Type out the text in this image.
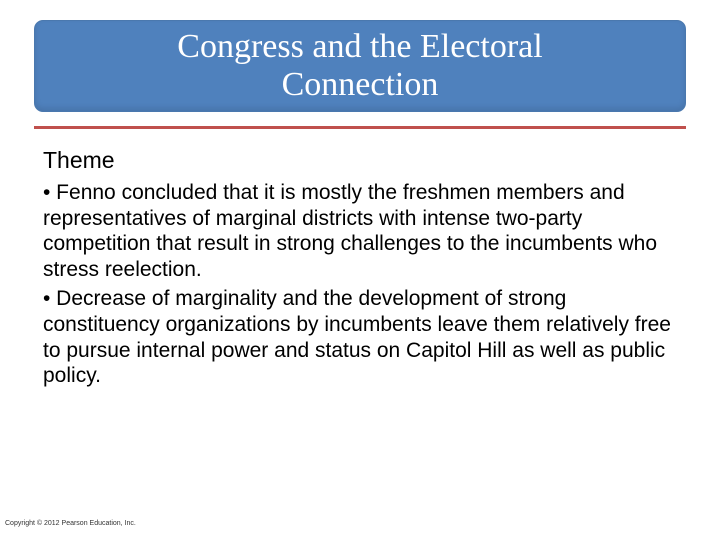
Congress and the Electoral
Connection
Theme
• Fenno concluded that it is mostly the freshmen members and representatives of marginal districts with intense two-party competition that result in strong challenges to the incumbents who stress reelection.
• Decrease of marginality and the development of strong constituency organizations by incumbents leave them relatively free to pursue internal power and status on Capitol Hill as well as public policy.
Copyright © 2012 Pearson Education, Inc.
